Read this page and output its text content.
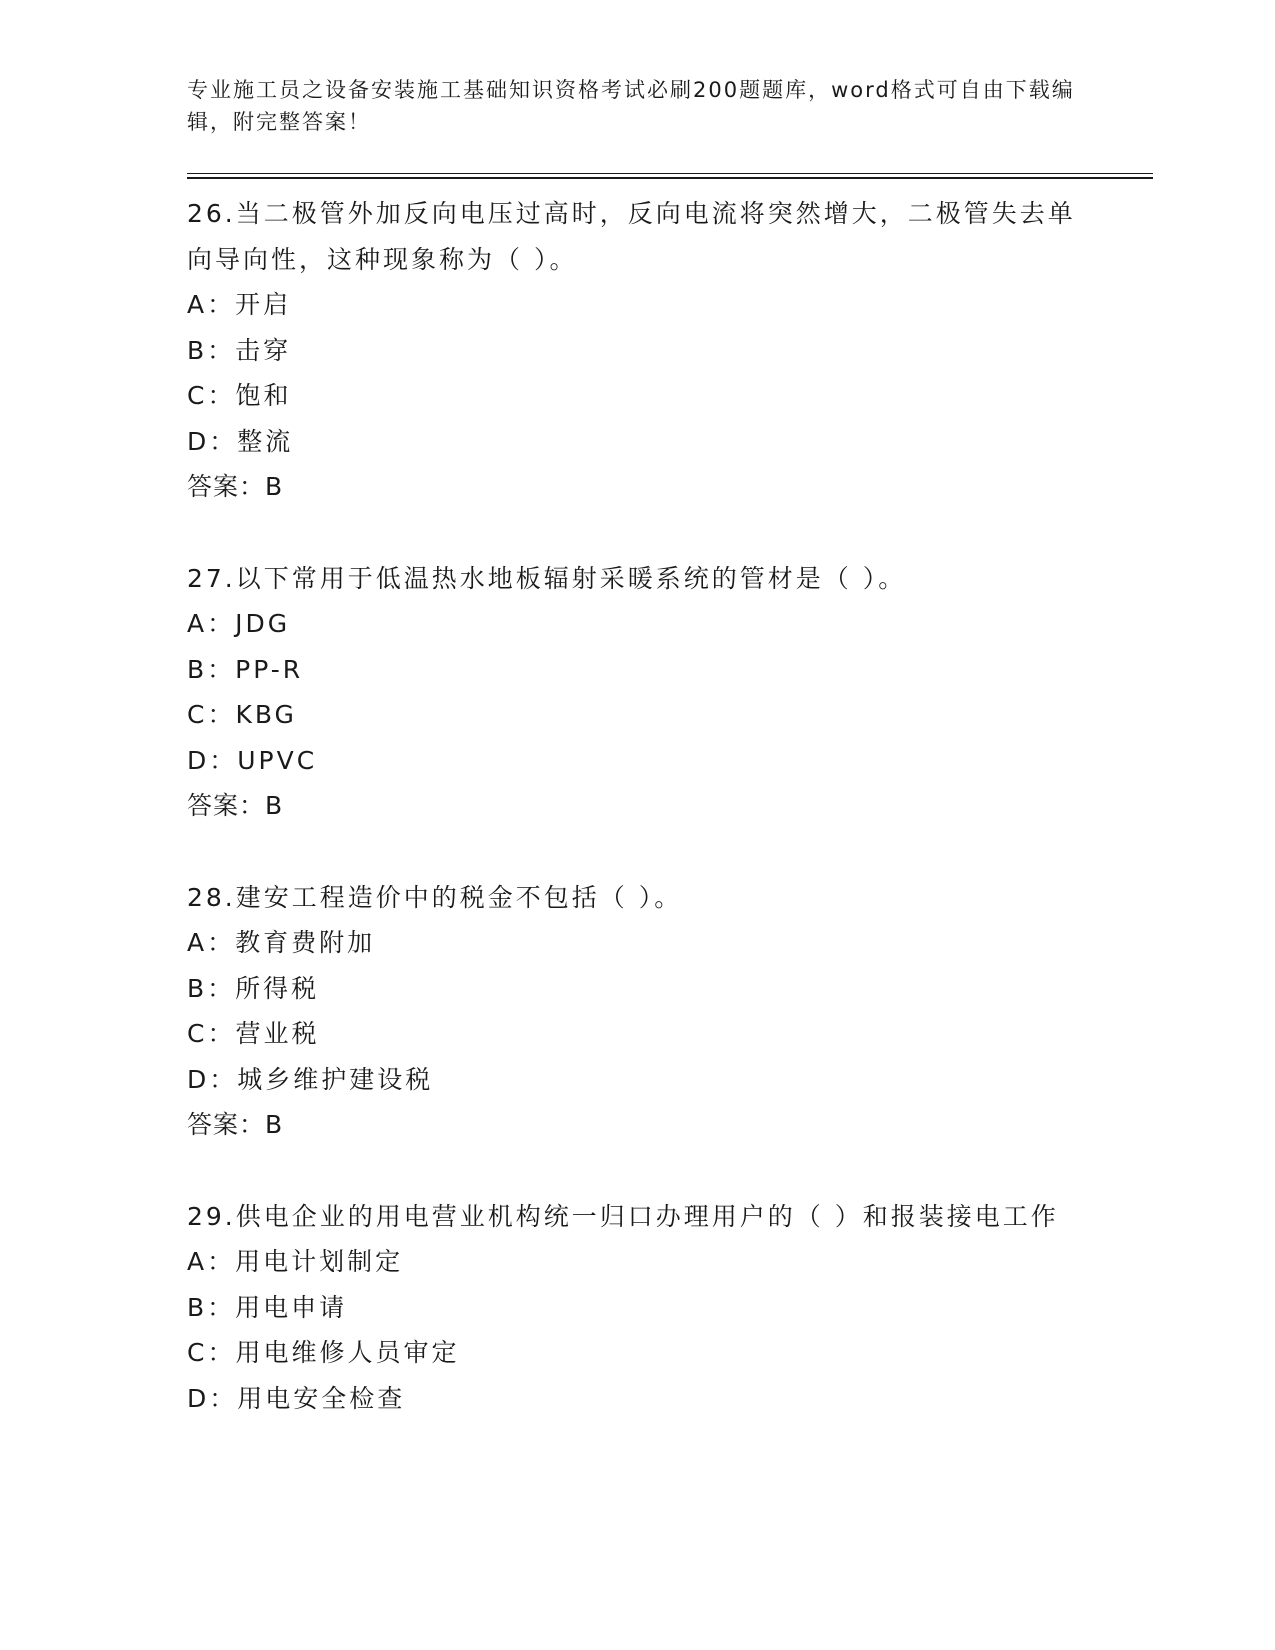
专业施工员之设备安装施工基础知识资格考试必刷200题题库，word格式可自由下载编辑，附完整答案！
26.当二极管外加反向电压过高时，反向电流将突然增大，二极管失去单向导向性，这种现象称为（ ）。
A：开启
B：击穿
C：饱和
D：整流
答案：B
27.以下常用于低温热水地板辐射采暖系统的管材是（ ）。
A：JDG
B：PP-R
C：KBG
D：UPVC
答案：B
28.建安工程造价中的税金不包括（ ）。
A：教育费附加
B：所得税
C：营业税
D：城乡维护建设税
答案：B
29.供电企业的用电营业机构统一归口办理用户的（ ）和报装接电工作
A：用电计划制定
B：用电申请
C：用电维修人员审定
D：用电安全检查
